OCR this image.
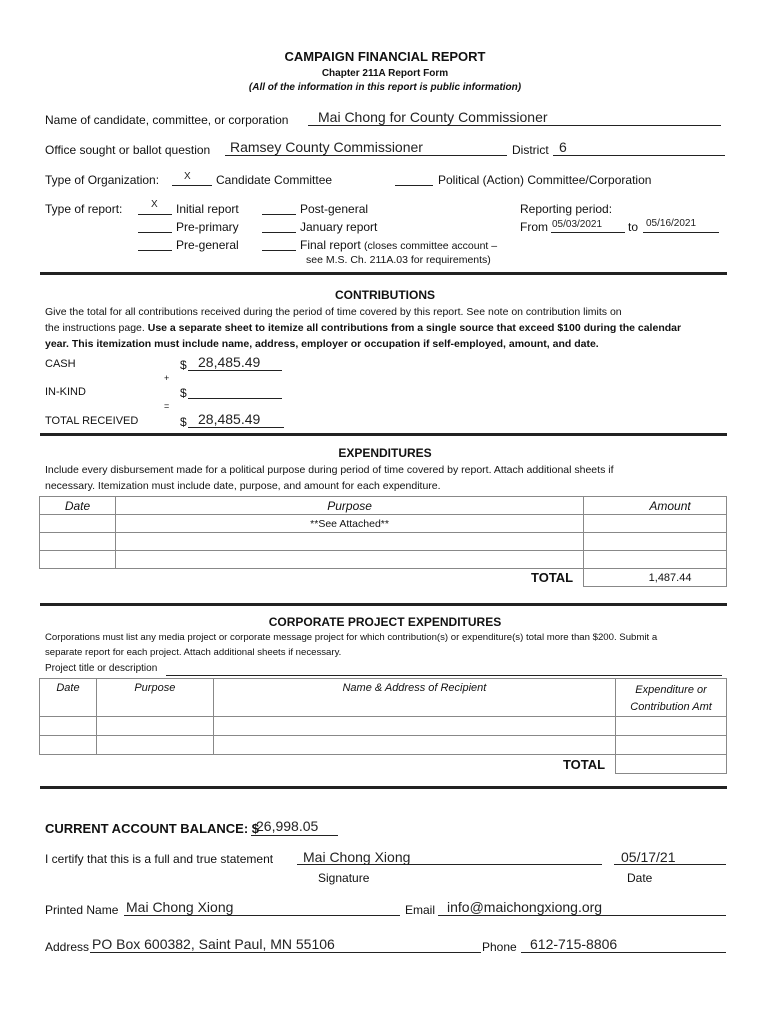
CAMPAIGN FINANCIAL REPORT
Chapter 211A Report Form
(All of the information in this report is public information)
Name of candidate, committee, or corporation Mai Chong for County Commissioner
Office sought or ballot question Ramsey County Commissioner	District 6
Type of Organization: X Candidate Committee	Political (Action) Committee/Corporation
Type of report:	X Initial report
Pre-primary
Pre-general
Post-general
January report
Final report (closes committee account –
see M.S. Ch. 211A.03 for requirements)
Reporting period:
From 05/03/2021 to 05/16/2021
CONTRIBUTIONS
Give the total for all contributions received during the period of time covered by this report. See note on contribution limits on
the instructions page. Use a separate sheet to itemize all contributions from a single source that exceed $100 during the calendar
year. This itemization must include name, address, employer or occupation if self-employed, amount, and date.
CASH	$ 28,485.49
+
IN-KIND	$
=
TOTAL RECEIVED	$ 28,485.49
EXPENDITURES
Include every disbursement made for a political purpose during period of time covered by report. Attach additional sheets if
necessary. Itemization must include date, purpose, and amount for each expenditure.
Date	Purpose	Amount
	**See Attached**	

	TOTAL	1,487.44
CORPORATE PROJECT EXPENDITURES
Corporations must list any media project or corporate message project for which contribution(s) or expenditure(s) total more than $200. Submit a
separate report for each project. Attach additional sheets if necessary.
Project title or description
Date	Purpose	Name & Address of Recipient	Expenditure or
Contribution Amt

		TOTAL	
CURRENT ACCOUNT BALANCE: $
26,998.05
I certify that this is a full and true statement Mai Chong Xiong
Signature
05/17/21
Date
Printed Name Mai Chong Xiong	Email info@maichongxiong.org
Address PO Box 600382, Saint Paul, MN 55106	Phone 612-715-8806
